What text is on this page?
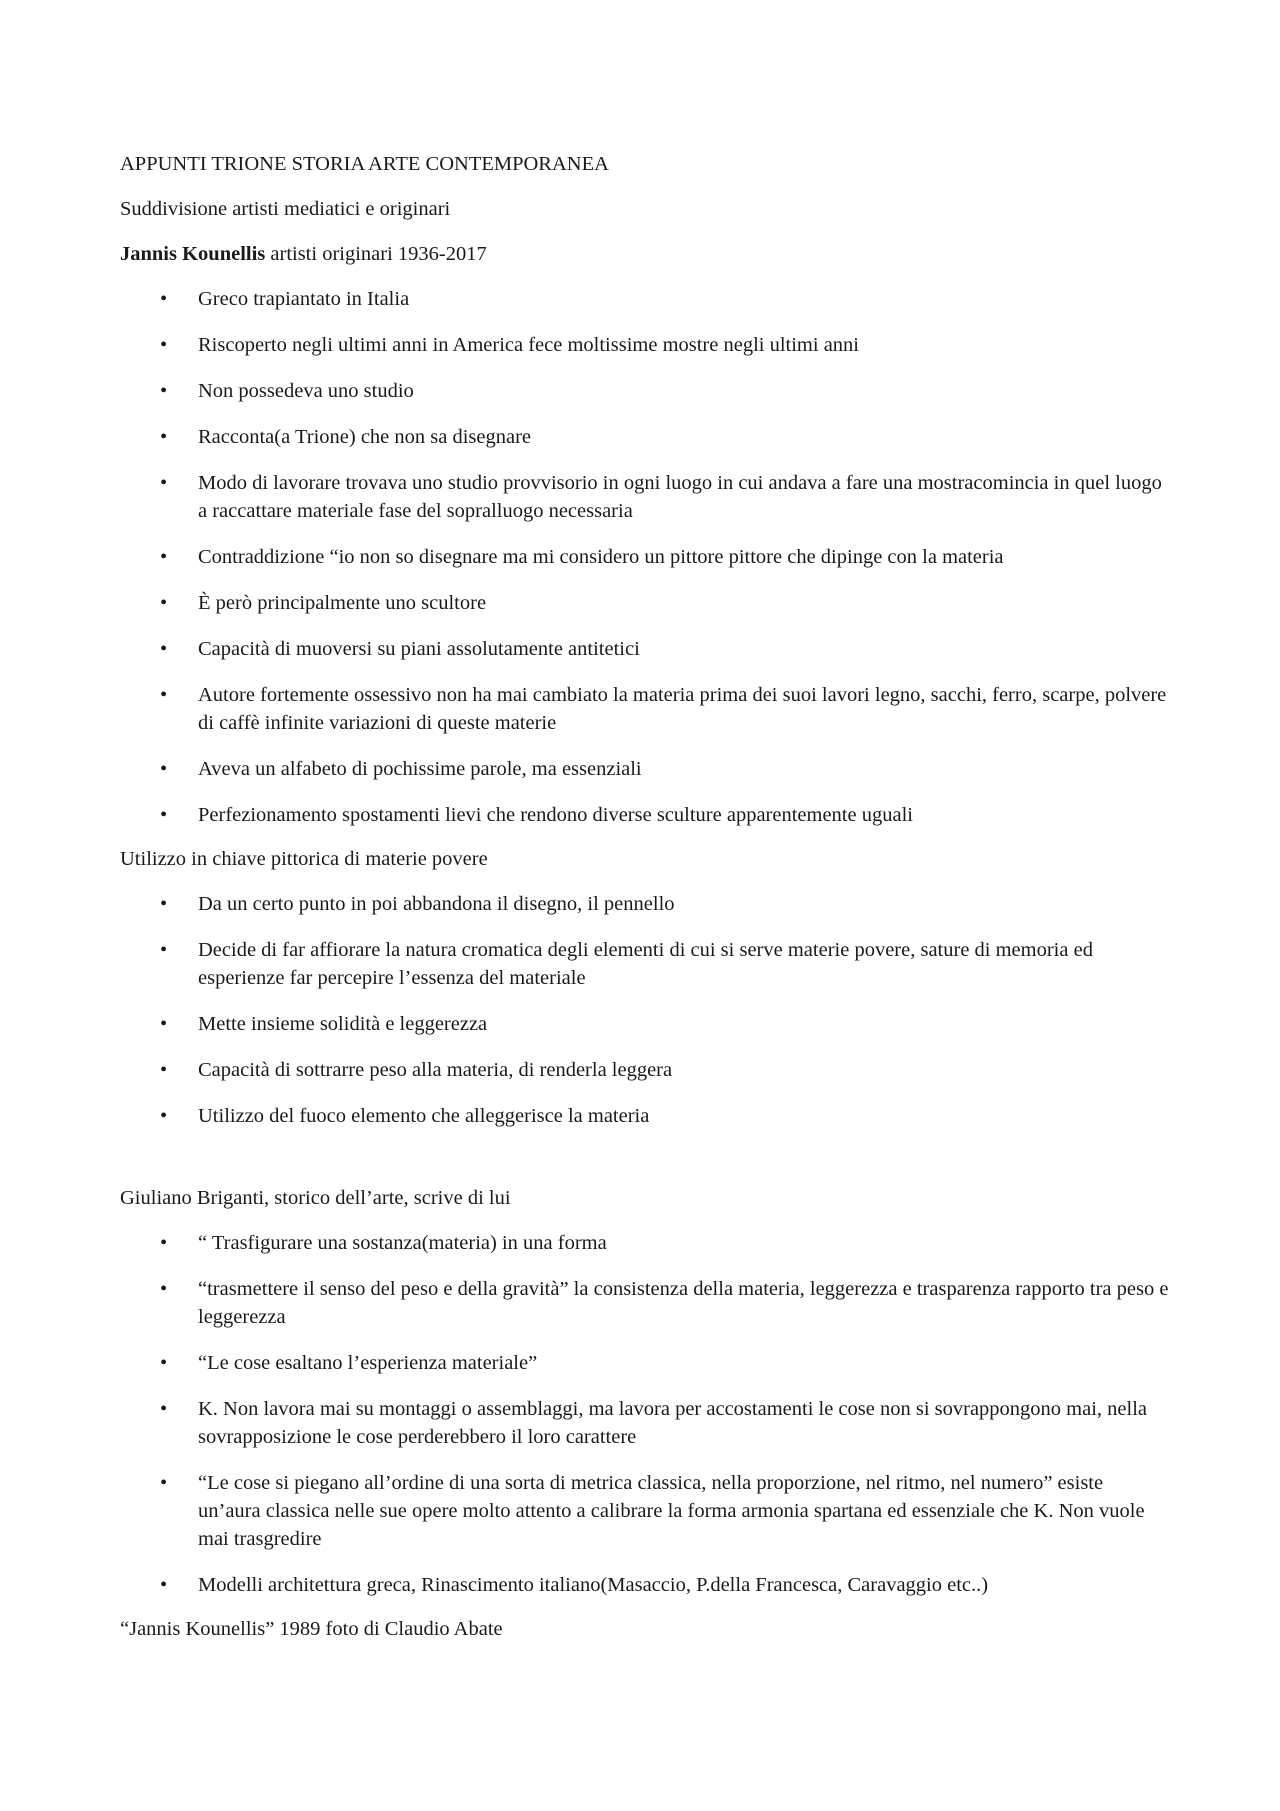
APPUNTI TRIONE STORIA ARTE CONTEMPORANEA

Suddivisione artisti mediatici e originari

Jannis Kounellis artisti originari 1936-2017

• Greco trapiantato in Italia
• Riscoperto negli ultimi anni in America fece moltissime mostre negli ultimi anni
• Non possedeva uno studio
• Racconta(a Trione) che non sa disegnare
• Modo di lavorare trovava uno studio provvisorio in ogni luogo in cui andava a fare una mostracomincia in quel luogo a raccattare materiale fase del sopralluogo necessaria
• Contraddizione “io non so disegnare ma mi considero un pittore pittore che dipinge con la materia
• È però principalmente uno scultore
• Capacità di muoversi su piani assolutamente antitetici
• Autore fortemente ossessivo non ha mai cambiato la materia prima dei suoi lavori legno, sacchi, ferro, scarpe, polvere di caffè infinite variazioni di queste materie
• Aveva un alfabeto di pochissime parole, ma essenziali
• Perfezionamento spostamenti lievi che rendono diverse sculture apparentemente uguali

Utilizzo in chiave pittorica di materie povere

• Da un certo punto in poi abbandona il disegno, il pennello
• Decide di far affiorare la natura cromatica degli elementi di cui si serve materie povere, sature di memoria ed esperienze far percepire l’essenza del materiale
• Mette insieme solidità e leggerezza
• Capacità di sottrarre peso alla materia, di renderla leggera
• Utilizzo del fuoco elemento che alleggerisce la materia

Giuliano Briganti, storico dell’arte, scrive di lui

• “ Trasfigurare una sostanza(materia) in una forma
• “trasmettere il senso del peso e della gravità” la consistenza della materia, leggerezza e trasparenza rapporto tra peso e leggerezza
• “Le cose esaltano l’esperienza materiale”
• K. Non lavora mai su montaggi o assemblaggi, ma lavora per accostamenti le cose non si sovrappongono mai, nella sovrapposizione le cose perderebbero il loro carattere
• “Le cose si piegano all’ordine di una sorta di metrica classica, nella proporzione, nel ritmo, nel numero” esiste un’aura classica nelle sue opere molto attento a calibrare la forma armonia spartana ed essenziale che K. Non vuole mai trasgredire
• Modelli architettura greca, Rinascimento italiano(Masaccio, P.della Francesca, Caravaggio etc..)

“Jannis Kounellis” 1989 foto di Claudio Abate
